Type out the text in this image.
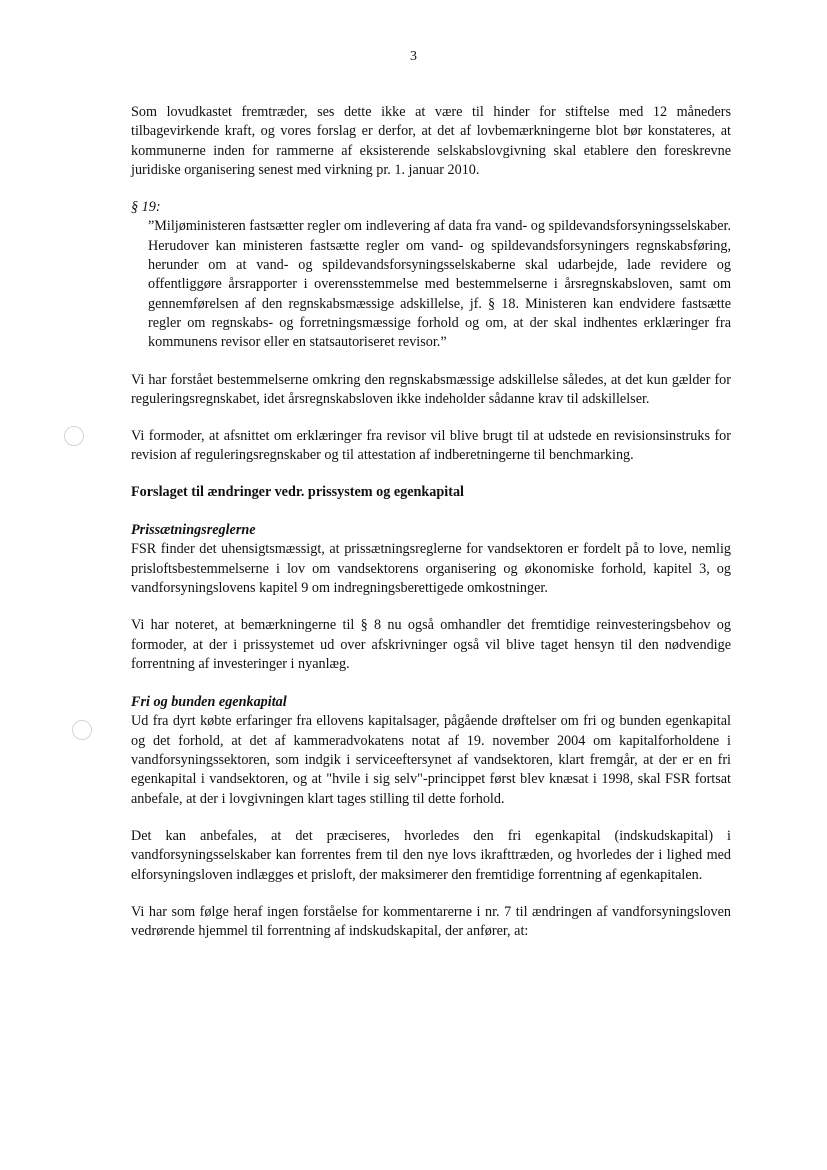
3

Som lovudkastet fremtræder, ses dette ikke at være til hinder for stiftelse med 12 måneders tilbagevirkende kraft, og vores forslag er derfor, at det af lovbemærkningerne blot bør konstateres, at kommunerne inden for rammerne af eksisterende selskabslovgivning skal etablere den foreskrevne juridiske organisering senest med virkning pr. 1. januar 2010.

§ 19:

”Miljøministeren fastsætter regler om indlevering af data fra vand- og spildevandsforsyningsselskaber. Herudover kan ministeren fastsætte regler om vand- og spildevandsforsyningers regnskabsføring, herunder om at vand- og spildevandsforsyningsselskaberne skal udarbejde, lade revidere og offentliggøre årsrapporter i overensstemmelse med bestemmelserne i årsregnskabsloven, samt om gennemførelsen af den regnskabsmæssige adskillelse, jf. § 18. Ministeren kan endvidere fastsætte regler om regnskabs- og forretningsmæssige forhold og om, at der skal indhentes erklæringer fra kommunens revisor eller en statsautoriseret revisor.”

Vi har forstået bestemmelserne omkring den regnskabsmæssige adskillelse således, at det kun gælder for reguleringsregnskabet, idet årsregnskabsloven ikke indeholder sådanne krav til adskillelser.

Vi formoder, at afsnittet om erklæringer fra revisor vil blive brugt til at udstede en revisionsinstruks for revision af reguleringsregnskaber og til attestation af indberetningerne til benchmarking.

Forslaget til ændringer vedr. prissystem og egenkapital

Prissætningsreglerne

FSR finder det uhensigtsmæssigt, at prissætningsreglerne for vandsektoren er fordelt på to love, nemlig prisloftsbestemmelserne i lov om vandsektorens organisering og økonomiske forhold, kapitel 3, og vandforsyningslovens kapitel 9 om indregningsberettigede omkostninger.

Vi har noteret, at bemærkningerne til § 8 nu også omhandler det fremtidige reinvesteringsbehov og formoder, at der i prissystemet ud over afskrivninger også vil blive taget hensyn til den nødvendige forrentning af investeringer i nyanlæg.

Fri og bunden egenkapital

Ud fra dyrt købte erfaringer fra ellovens kapitalsager, pågående drøftelser om fri og bunden egenkapital og det forhold, at det af kammeradvokatens notat af 19. november 2004 om kapitalforholdene i vandforsyningssektoren, som indgik i serviceeftersynet af vandsektoren, klart fremgår, at der er en fri egenkapital i vandsektoren, og at "hvile i sig selv"-princippet først blev knæsat i 1998, skal FSR fortsat anbefale, at der i lovgivningen klart tages stilling til dette forhold.

Det kan anbefales, at det præciseres, hvorledes den fri egenkapital (indskudskapital) i vandforsyningsselskaber kan forrentes frem til den nye lovs ikrafttræden, og hvorledes der i lighed med elforsyningsloven indlægges et prisloft, der maksimerer den fremtidige forrentning af egenkapitalen.

Vi har som følge heraf ingen forståelse for kommentarerne i nr. 7 til ændringen af vandforsyningsloven vedrørende hjemmel til forrentning af indskudskapital, der anfører, at:
